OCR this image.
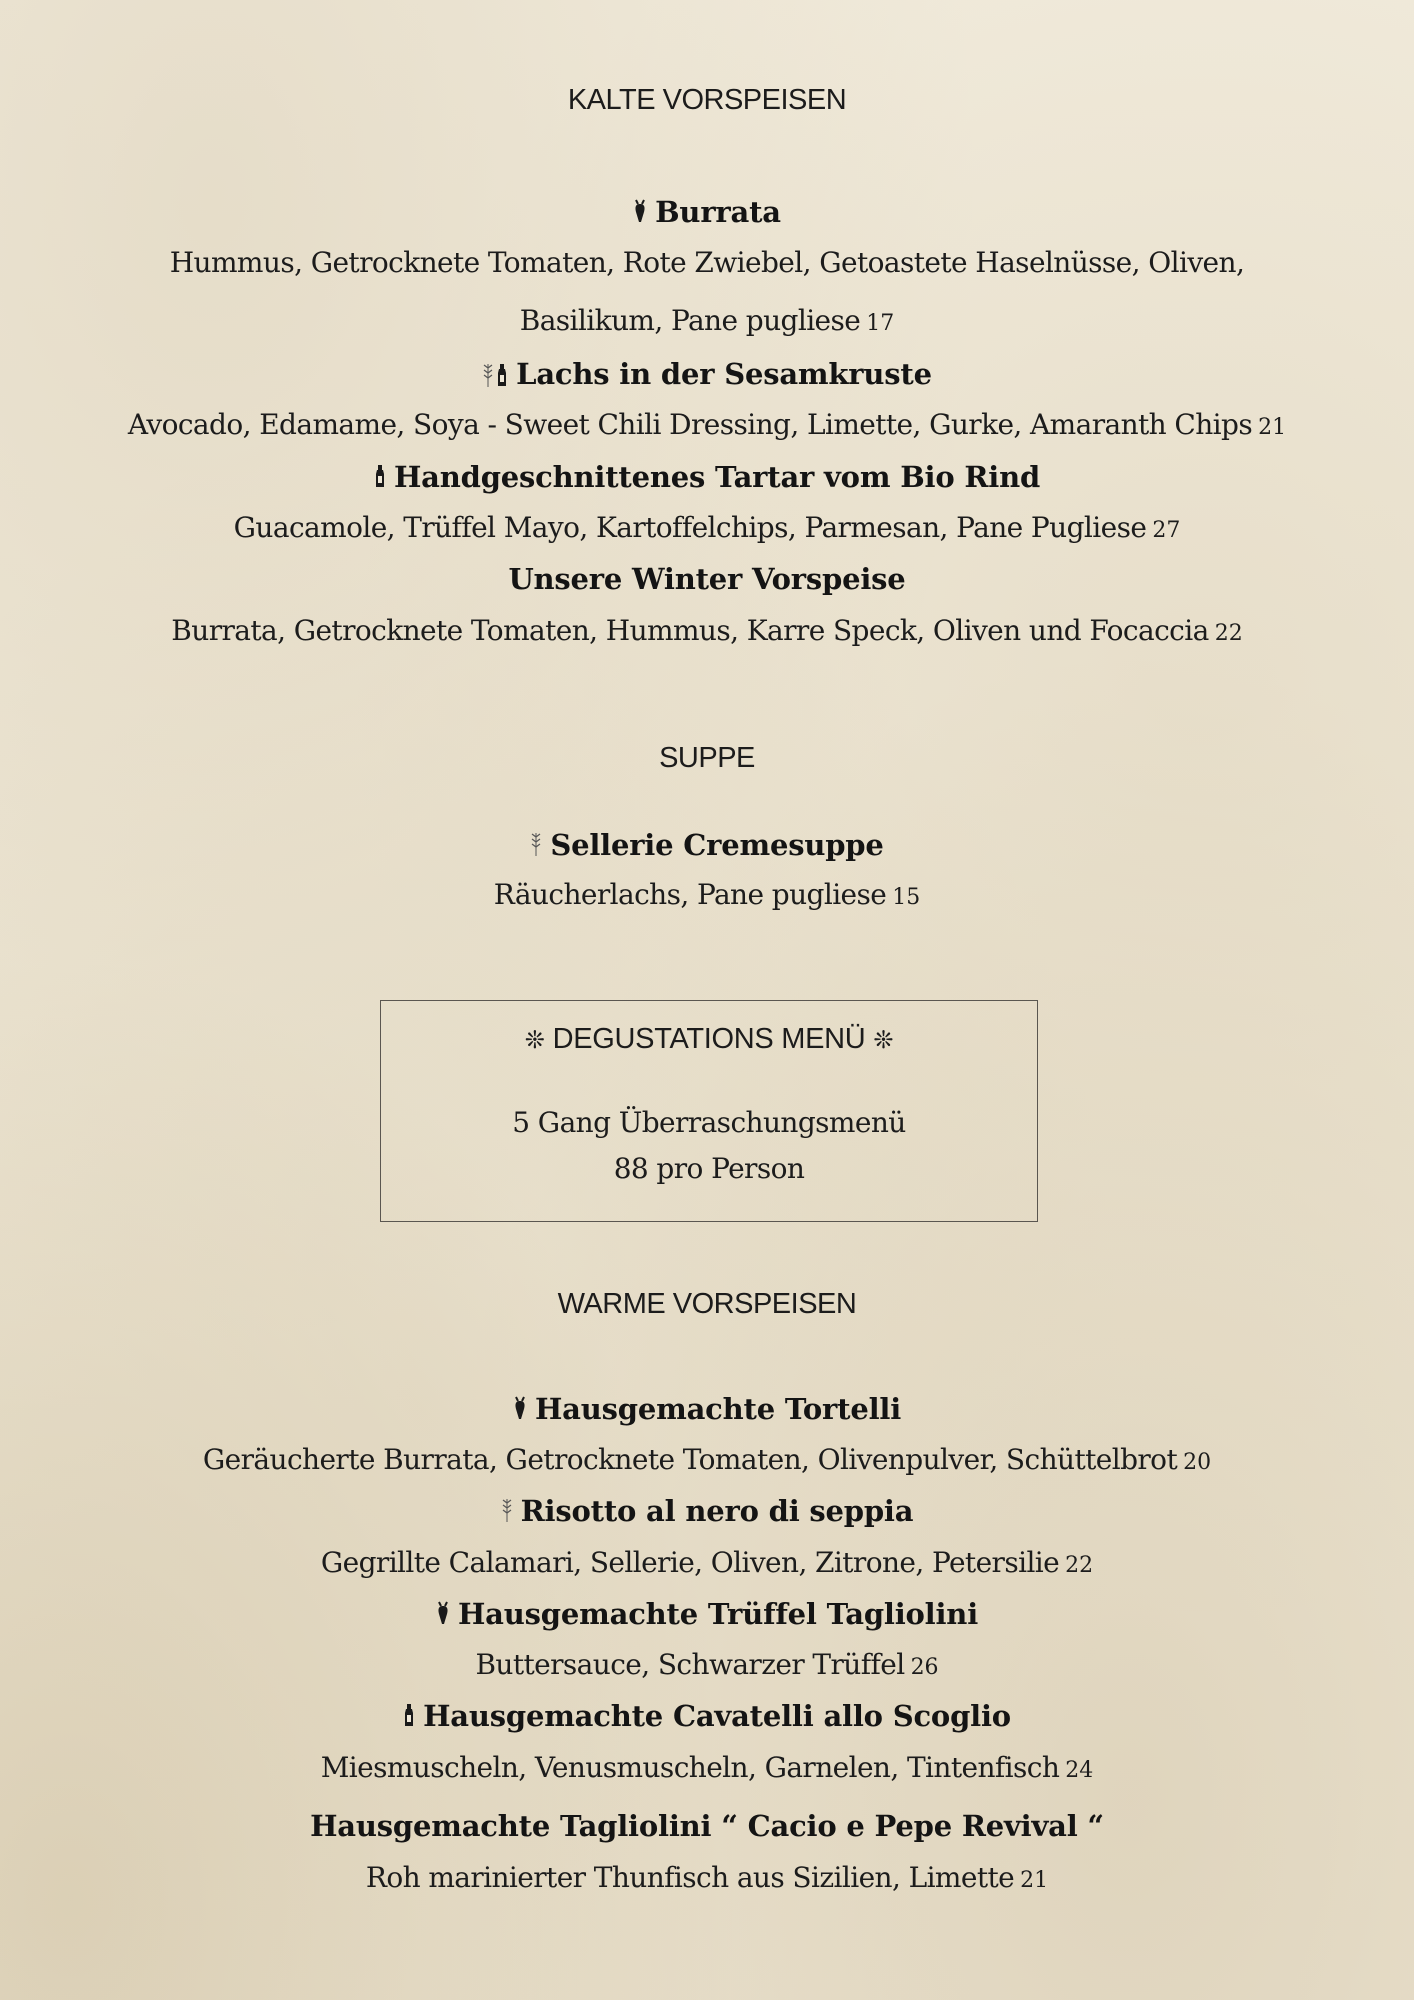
KALTE VORSPEISEN
Burrata
Hummus, Getrocknete Tomaten, Rote Zwiebel, Getoastete Haselnüsse, Oliven,
Basilikum, Pane pugliese 17
Lachs in der Sesamkruste
Avocado, Edamame, Soya - Sweet Chili Dressing, Limette, Gurke, Amaranth Chips 21
Handgeschnittenes Tartar vom Bio Rind
Guacamole, Trüffel Mayo, Kartoffelchips, Parmesan, Pane Pugliese 27
Unsere Winter Vorspeise
Burrata, Getrocknete Tomaten, Hummus, Karre Speck, Oliven und Focaccia 22
SUPPE
Sellerie Cremesuppe
Räucherlachs, Pane pugliese 15
❊ DEGUSTATIONS MENÜ ❊
5 Gang Überraschungsmenü
88 pro Person
WARME VORSPEISEN
Hausgemachte Tortelli
Geräucherte Burrata, Getrocknete Tomaten, Olivenpulver, Schüttelbrot 20
Risotto al nero di seppia
Gegrillte Calamari, Sellerie, Oliven, Zitrone, Petersilie 22
Hausgemachte Trüffel Tagliolini
Buttersauce, Schwarzer Trüffel 26
Hausgemachte Cavatelli allo Scoglio
Miesmuscheln, Venusmuscheln, Garnelen, Tintenfisch 24
Hausgemachte Tagliolini “ Cacio e Pepe Revival “
Roh marinierter Thunfisch aus Sizilien, Limette 21
